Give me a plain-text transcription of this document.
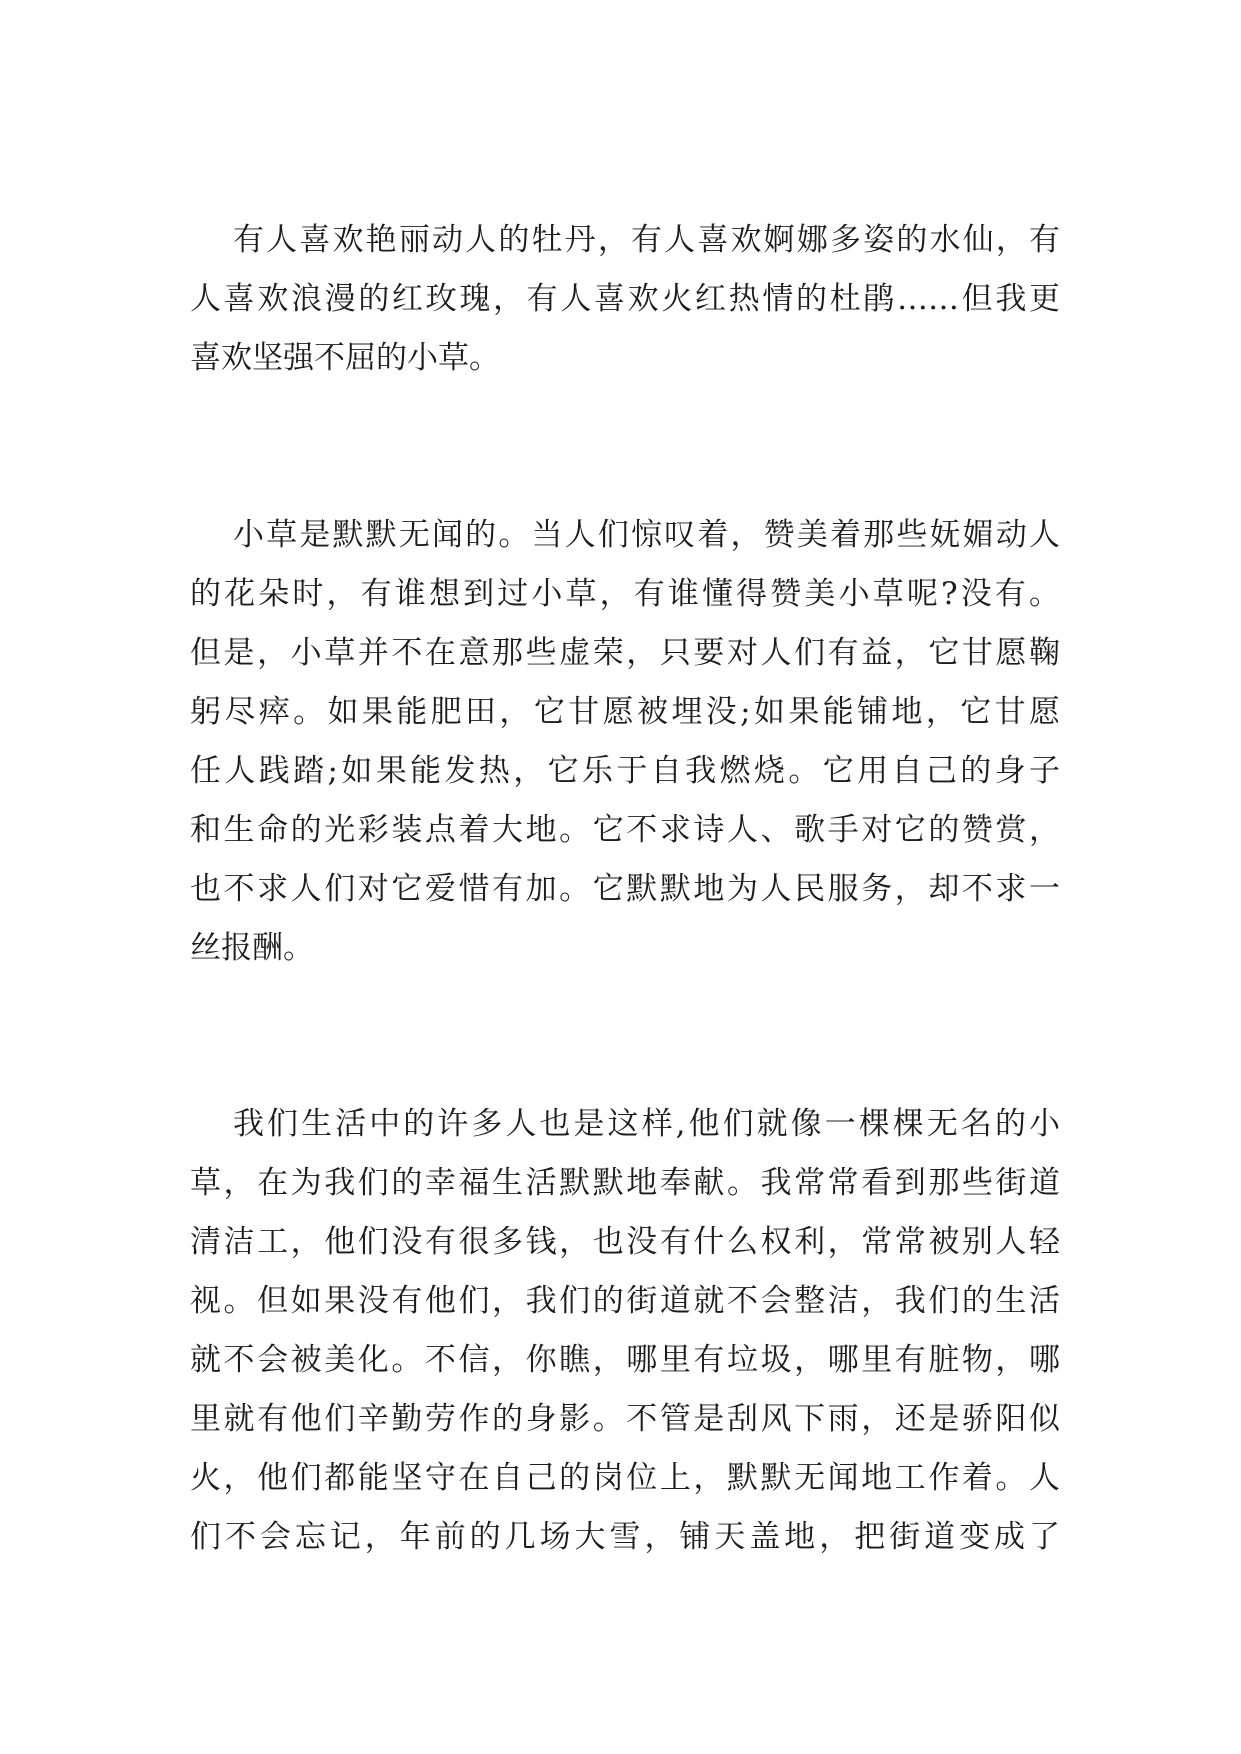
有人喜欢艳丽动人的牡丹，有人喜欢婀娜多姿的水仙，有
人喜欢浪漫的红玫瑰，有人喜欢火红热情的杜鹃……但我更
喜欢坚强不屈的小草。
小草是默默无闻的。当人们惊叹着，赞美着那些妩媚动人
的花朵时，有谁想到过小草，有谁懂得赞美小草呢?没有。
但是，小草并不在意那些虚荣，只要对人们有益，它甘愿鞠
躬尽瘁。如果能肥田，它甘愿被埋没;如果能铺地，它甘愿
任人践踏;如果能发热，它乐于自我燃烧。它用自己的身子
和生命的光彩装点着大地。它不求诗人、歌手对它的赞赏，
也不求人们对它爱惜有加。它默默地为人民服务，却不求一
丝报酬。
我们生活中的许多人也是这样,他们就像一棵棵无名的小
草，在为我们的幸福生活默默地奉献。我常常看到那些街道
清洁工，他们没有很多钱，也没有什么权利，常常被别人轻
视。但如果没有他们，我们的街道就不会整洁，我们的生活
就不会被美化。不信，你瞧，哪里有垃圾，哪里有脏物，哪
里就有他们辛勤劳作的身影。不管是刮风下雨，还是骄阳似
火，他们都能坚守在自己的岗位上，默默无闻地工作着。人
们不会忘记，年前的几场大雪，铺天盖地，把街道变成了
